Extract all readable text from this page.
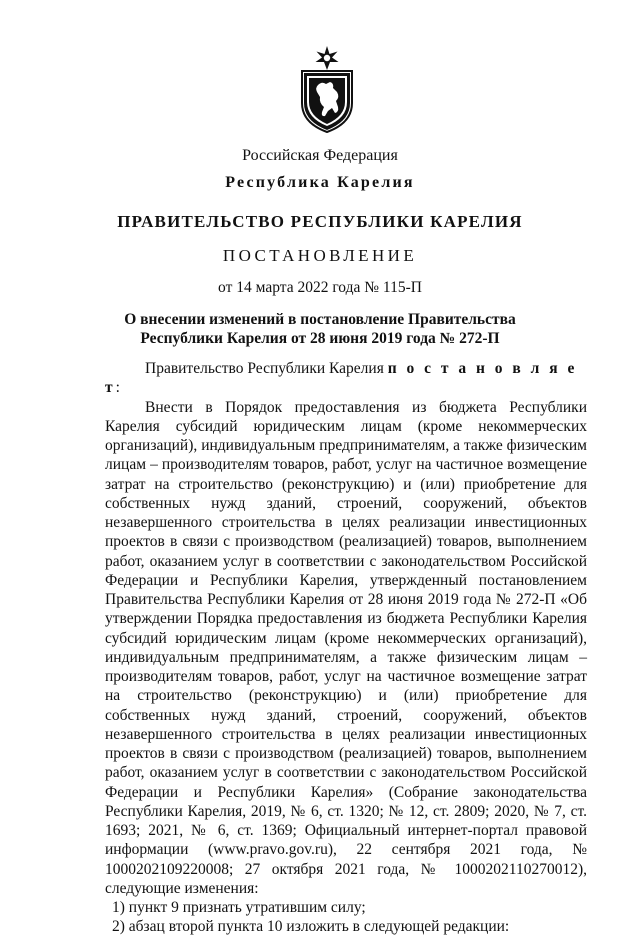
Российская Федерация
Республика Карелия
ПРАВИТЕЛЬСТВО РЕСПУБЛИКИ КАРЕЛИЯ
ПОСТАНОВЛЕНИЕ
от 14 марта 2022 года № 115-П
О внесении изменений в постановление Правительства
Республики Карелия от 28 июня 2019 года № 272-П

Правительство Республики Карелия п о с т а н о в л я е т:

Внести в Порядок предоставления из бюджета Республики Карелия субсидий юридическим лицам (кроме некоммерческих организаций), индивидуальным предпринимателям, а также физическим лицам – производителям товаров, работ, услуг на частичное возмещение затрат на строительство (реконструкцию) и (или) приобретение для собственных нужд зданий, строений, сооружений, объектов незавершенного строительства в целях реализации инвестиционных проектов в связи с производством (реализацией) товаров, выполнением работ, оказанием услуг в соответствии с законодательством Российской Федерации и Республики Карелия, утвержденный постановлением Правительства Республики Карелия от 28 июня 2019 года № 272-П «Об утверждении Порядка предоставления из бюджета Республики Карелия субсидий юридическим лицам (кроме некоммерческих организаций), индивидуальным предпринимателям, а также физическим лицам – производителям товаров, работ, услуг на частичное возмещение затрат на строительство (реконструкцию) и (или) приобретение для собственных нужд зданий, строений, сооружений, объектов незавершенного строительства в целях реализации инвестиционных проектов в связи с производством (реализацией) товаров, выполнением работ, оказанием услуг в соответствии с законодательством Российской Федерации и Республики Карелия» (Собрание законодательства Республики Карелия, 2019, № 6, ст. 1320; № 12, ст. 2809; 2020, № 7, ст. 1693; 2021, № 6, ст. 1369; Официальный интернет-портал правовой информации (www.pravo.gov.ru), 22 сентября 2021 года, № 1000202109220008; 27 октября 2021 года, № 1000202110270012), следующие изменения:

1) пункт 9 признать утратившим силу;

2) абзац второй пункта 10 изложить в следующей редакции:
